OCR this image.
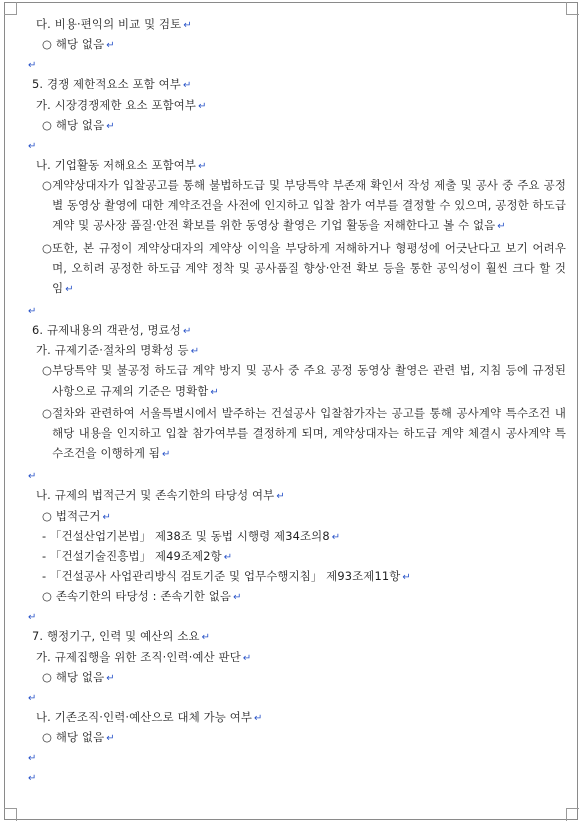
다. 비용·편익의 비교 및 검토 ↵
○ 해당 없음 ↵
↵
5. 경쟁 제한적요소 포함 여부 ↵
가. 시장경쟁제한 요소 포함여부 ↵
○ 해당 없음 ↵
↵
나. 기업활동 저해요소 포함여부 ↵
○ 계약상대자가 입찰공고를 통해 불법하도급 및 부당특약 부존재 확인서 작성 제출 및 공사 중 주요 공정별 동영상 촬영에 대한 계약조건을 사전에 인지하고 입찰 참가 여부를 결정할 수 있으며, 공정한 하도급 계약 및 공사장 품질·안전 확보를 위한 동영상 촬영은 기업 활동을 저해한다고 볼 수 없음 ↵
○ 또한, 본 규정이 계약상대자의 계약상 이익을 부당하게 저해하거나 형평성에 어긋난다고 보기 어려우며, 오히려 공정한 하도급 계약 정착 및 공사품질 향상·안전 확보 등을 통한 공익성이 훨씬 크다 할 것임 ↵
↵
6. 규제내용의 객관성, 명료성 ↵
가. 규제기준·절차의 명확성 등 ↵
○ 부당특약 및 불공정 하도급 계약 방지 및 공사 중 주요 공정 동영상 촬영은 관련 법, 지침 등에 규정된 사항으로 규제의 기준은 명확함 ↵
○ 절차와 관련하여 서울특별시에서 발주하는 건설공사 입찰참가자는 공고를 통해 공사계약 특수조건 내 해당 내용을 인지하고 입찰 참가여부를 결정하게 되며, 계약상대자는 하도급 계약 체결시 공사계약 특수조건을 이행하게 됨 ↵
↵
나. 규제의 법적근거 및 존속기한의 타당성 여부 ↵
○ 법적근거 ↵
- 「건설산업기본법」 제38조 및 동법 시행령 제34조의8 ↵
- 「건설기술진흥법」 제49조제2항 ↵
- 「건설공사 사업관리방식 검토기준 및 업무수행지침」 제93조제11항 ↵
○ 존속기한의 타당성 : 존속기한 없음 ↵
↵
7. 행정기구, 인력 및 예산의 소요 ↵
가. 규제집행을 위한 조직·인력·예산 판단 ↵
○ 해당 없음 ↵
↵
나. 기존조직·인력·예산으로 대체 가능 여부 ↵
○ 해당 없음 ↵
↵
↵
